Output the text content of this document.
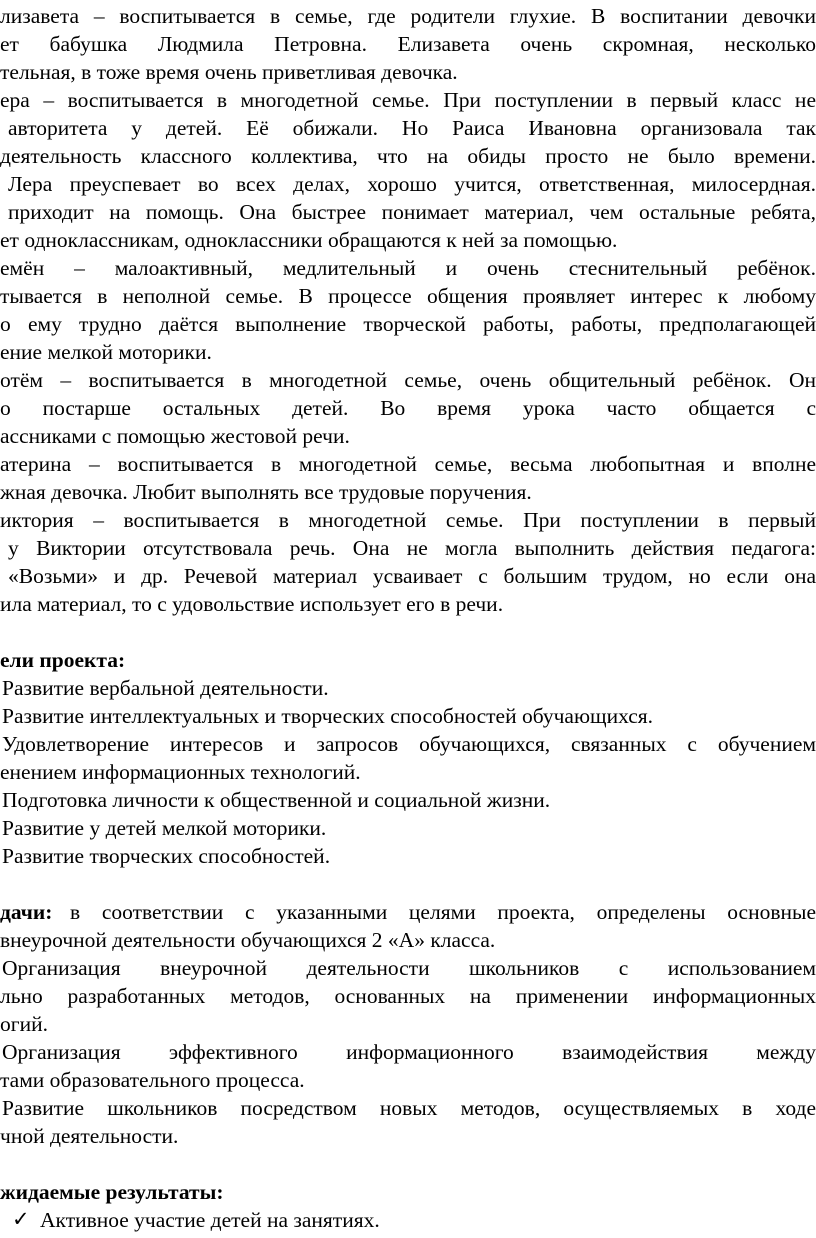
лизавета – воспитывается в семье, где родители глухие. В воспитании девочки
ет бабушка Людмила Петровна. Елизавета очень скромная, несколько
тельная, в тоже время очень приветливая девочка.
ера – воспитывается в многодетной семье. При поступлении в первый класс не
авторитета у детей. Её обижали. Но Раиса Ивановна организовала так
деятельность классного коллектива, что на обиды просто не было времени.
Лера преуспевает во всех делах, хорошо учится, ответственная, милосердная.
приходит на помощь. Она быстрее понимает материал, чем остальные ребята,
ет одноклассникам, одноклассники обращаются к ней за помощью.
емён – малоактивный, медлительный и очень стеснительный ребёнок.
тывается в неполной семье. В процессе общения проявляет интерес к любому
о ему трудно даётся выполнение творческой работы, работы, предполагающей
ение мелкой моторики.
отём – воспитывается в многодетной семье, очень общительный ребёнок. Он
о постарше остальных детей. Во время урока часто общается с
ассниками с помощью жестовой речи.
атерина – воспитывается в многодетной семье, весьма любопытная и вполне
жная девочка. Любит выполнять все трудовые поручения.
иктория – воспитывается в многодетной семье. При поступлении в первый
у Виктории отсутствовала речь. Она не могла выполнить действия педагога:
«Возьми» и др. Речевой материал усваивает с большим трудом, но если она
ила материал, то с удовольствие использует его в речи.
ели проекта:
Развитие вербальной деятельности.
Развитие интеллектуальных и творческих способностей обучающихся.
Удовлетворение интересов и запросов обучающихся, связанных с обучением
енением информационных технологий.
Подготовка личности к общественной и социальной жизни.
Развитие у детей мелкой моторики.
Развитие творческих способностей.
дачи: в соответствии с указанными целями проекта, определены основные
внеурочной деятельности обучающихся 2 «А» класса.
Организация внеурочной деятельности школьников с использованием
льно разработанных методов, основанных на применении информационных
огий.
Организация эффективного информационного взаимодействия между
тами образовательного процесса.
Развитие школьников посредством новых методов, осуществляемых в ходе
чной деятельности.
жидаемые результаты:
✓ Активное участие детей на занятиях.
